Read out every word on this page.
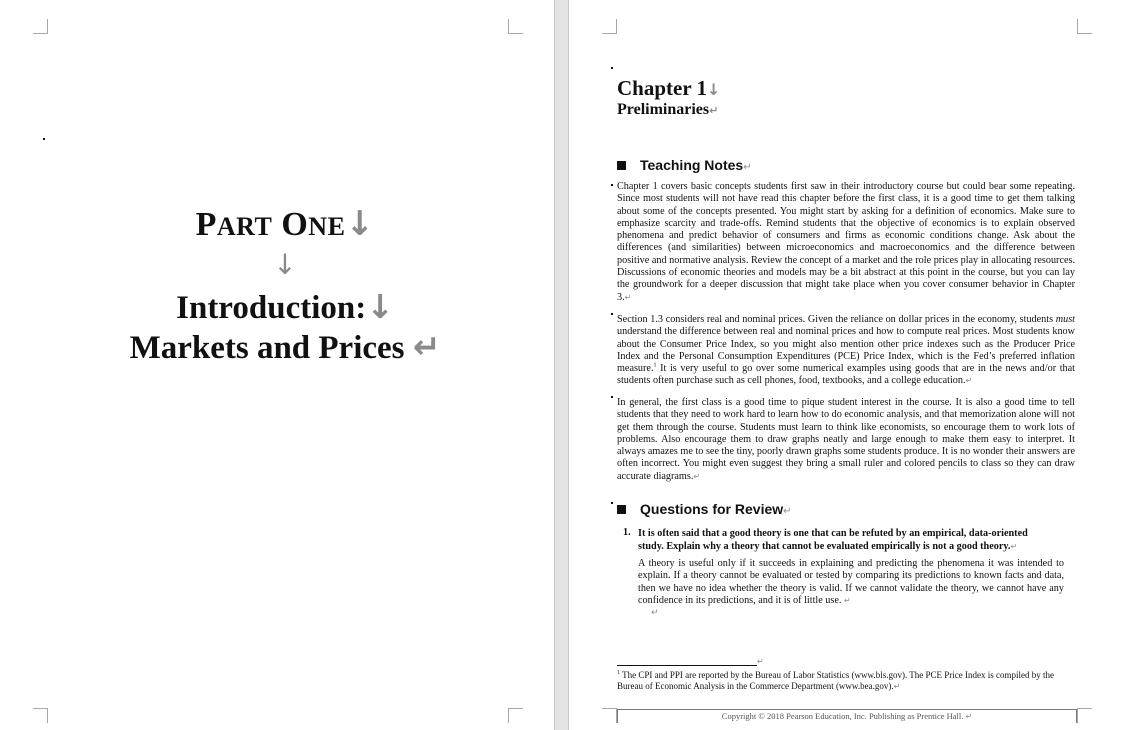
PART ONE↓
↓
Introduction:↓
Markets and Prices ↵
Chapter 1↓
Preliminaries↵
Teaching Notes↵
Chapter 1 covers basic concepts students first saw in their introductory course but could bear some repeating. Since most students will not have read this chapter before the first class, it is a good time to get them talking about some of the concepts presented. You might start by asking for a definition of economics. Make sure to emphasize scarcity and trade-offs. Remind students that the objective of economics is to explain observed phenomena and predict behavior of consumers and firms as economic conditions change. Ask about the differences (and similarities) between microeconomics and macroeconomics and the difference between positive and normative analysis. Review the concept of a market and the role prices play in allocating resources. Discussions of economic theories and models may be a bit abstract at this point in the course, but you can lay the groundwork for a deeper discussion that might take place when you cover consumer behavior in Chapter 3.↵
Section 1.3 considers real and nominal prices. Given the reliance on dollar prices in the economy, students must understand the difference between real and nominal prices and how to compute real prices. Most students know about the Consumer Price Index, so you might also mention other price indexes such as the Producer Price Index and the Personal Consumption Expenditures (PCE) Price Index, which is the Fed’s preferred inflation measure.$^1$ It is very useful to go over some numerical examples using goods that are in the news and/or that students often purchase such as cell phones, food, textbooks, and a college education.↵
In general, the first class is a good time to pique student interest in the course. It is also a good time to tell students that they need to work hard to learn how to do economic analysis, and that memorization alone will not get them through the course. Students must learn to think like economists, so encourage them to work lots of problems. Also encourage them to draw graphs neatly and large enough to make them easy to interpret. It always amazes me to see the tiny, poorly drawn graphs some students produce. It is no wonder their answers are often incorrect. You might even suggest they bring a small ruler and colored pencils to class so they can draw accurate diagrams.↵
Questions for Review↵
1. It is often said that a good theory is one that can be refuted by an empirical, data-oriented study. Explain why a theory that cannot be evaluated empirically is not a good theory.↵
A theory is useful only if it succeeds in explaining and predicting the phenomena it was intended to explain. If a theory cannot be evaluated or tested by comparing its predictions to known facts and data, then we have no idea whether the theory is valid. If we cannot validate the theory, we cannot have any confidence in its predictions, and it is of little use. ↵
↵
↵
$^1$ The CPI and PPI are reported by the Bureau of Labor Statistics (www.bls.gov). The PCE Price Index is compiled by the Bureau of Economic Analysis in the Commerce Department (www.bea.gov).↵
Copyright © 2018 Pearson Education, Inc. Publishing as Prentice Hall. ↵
